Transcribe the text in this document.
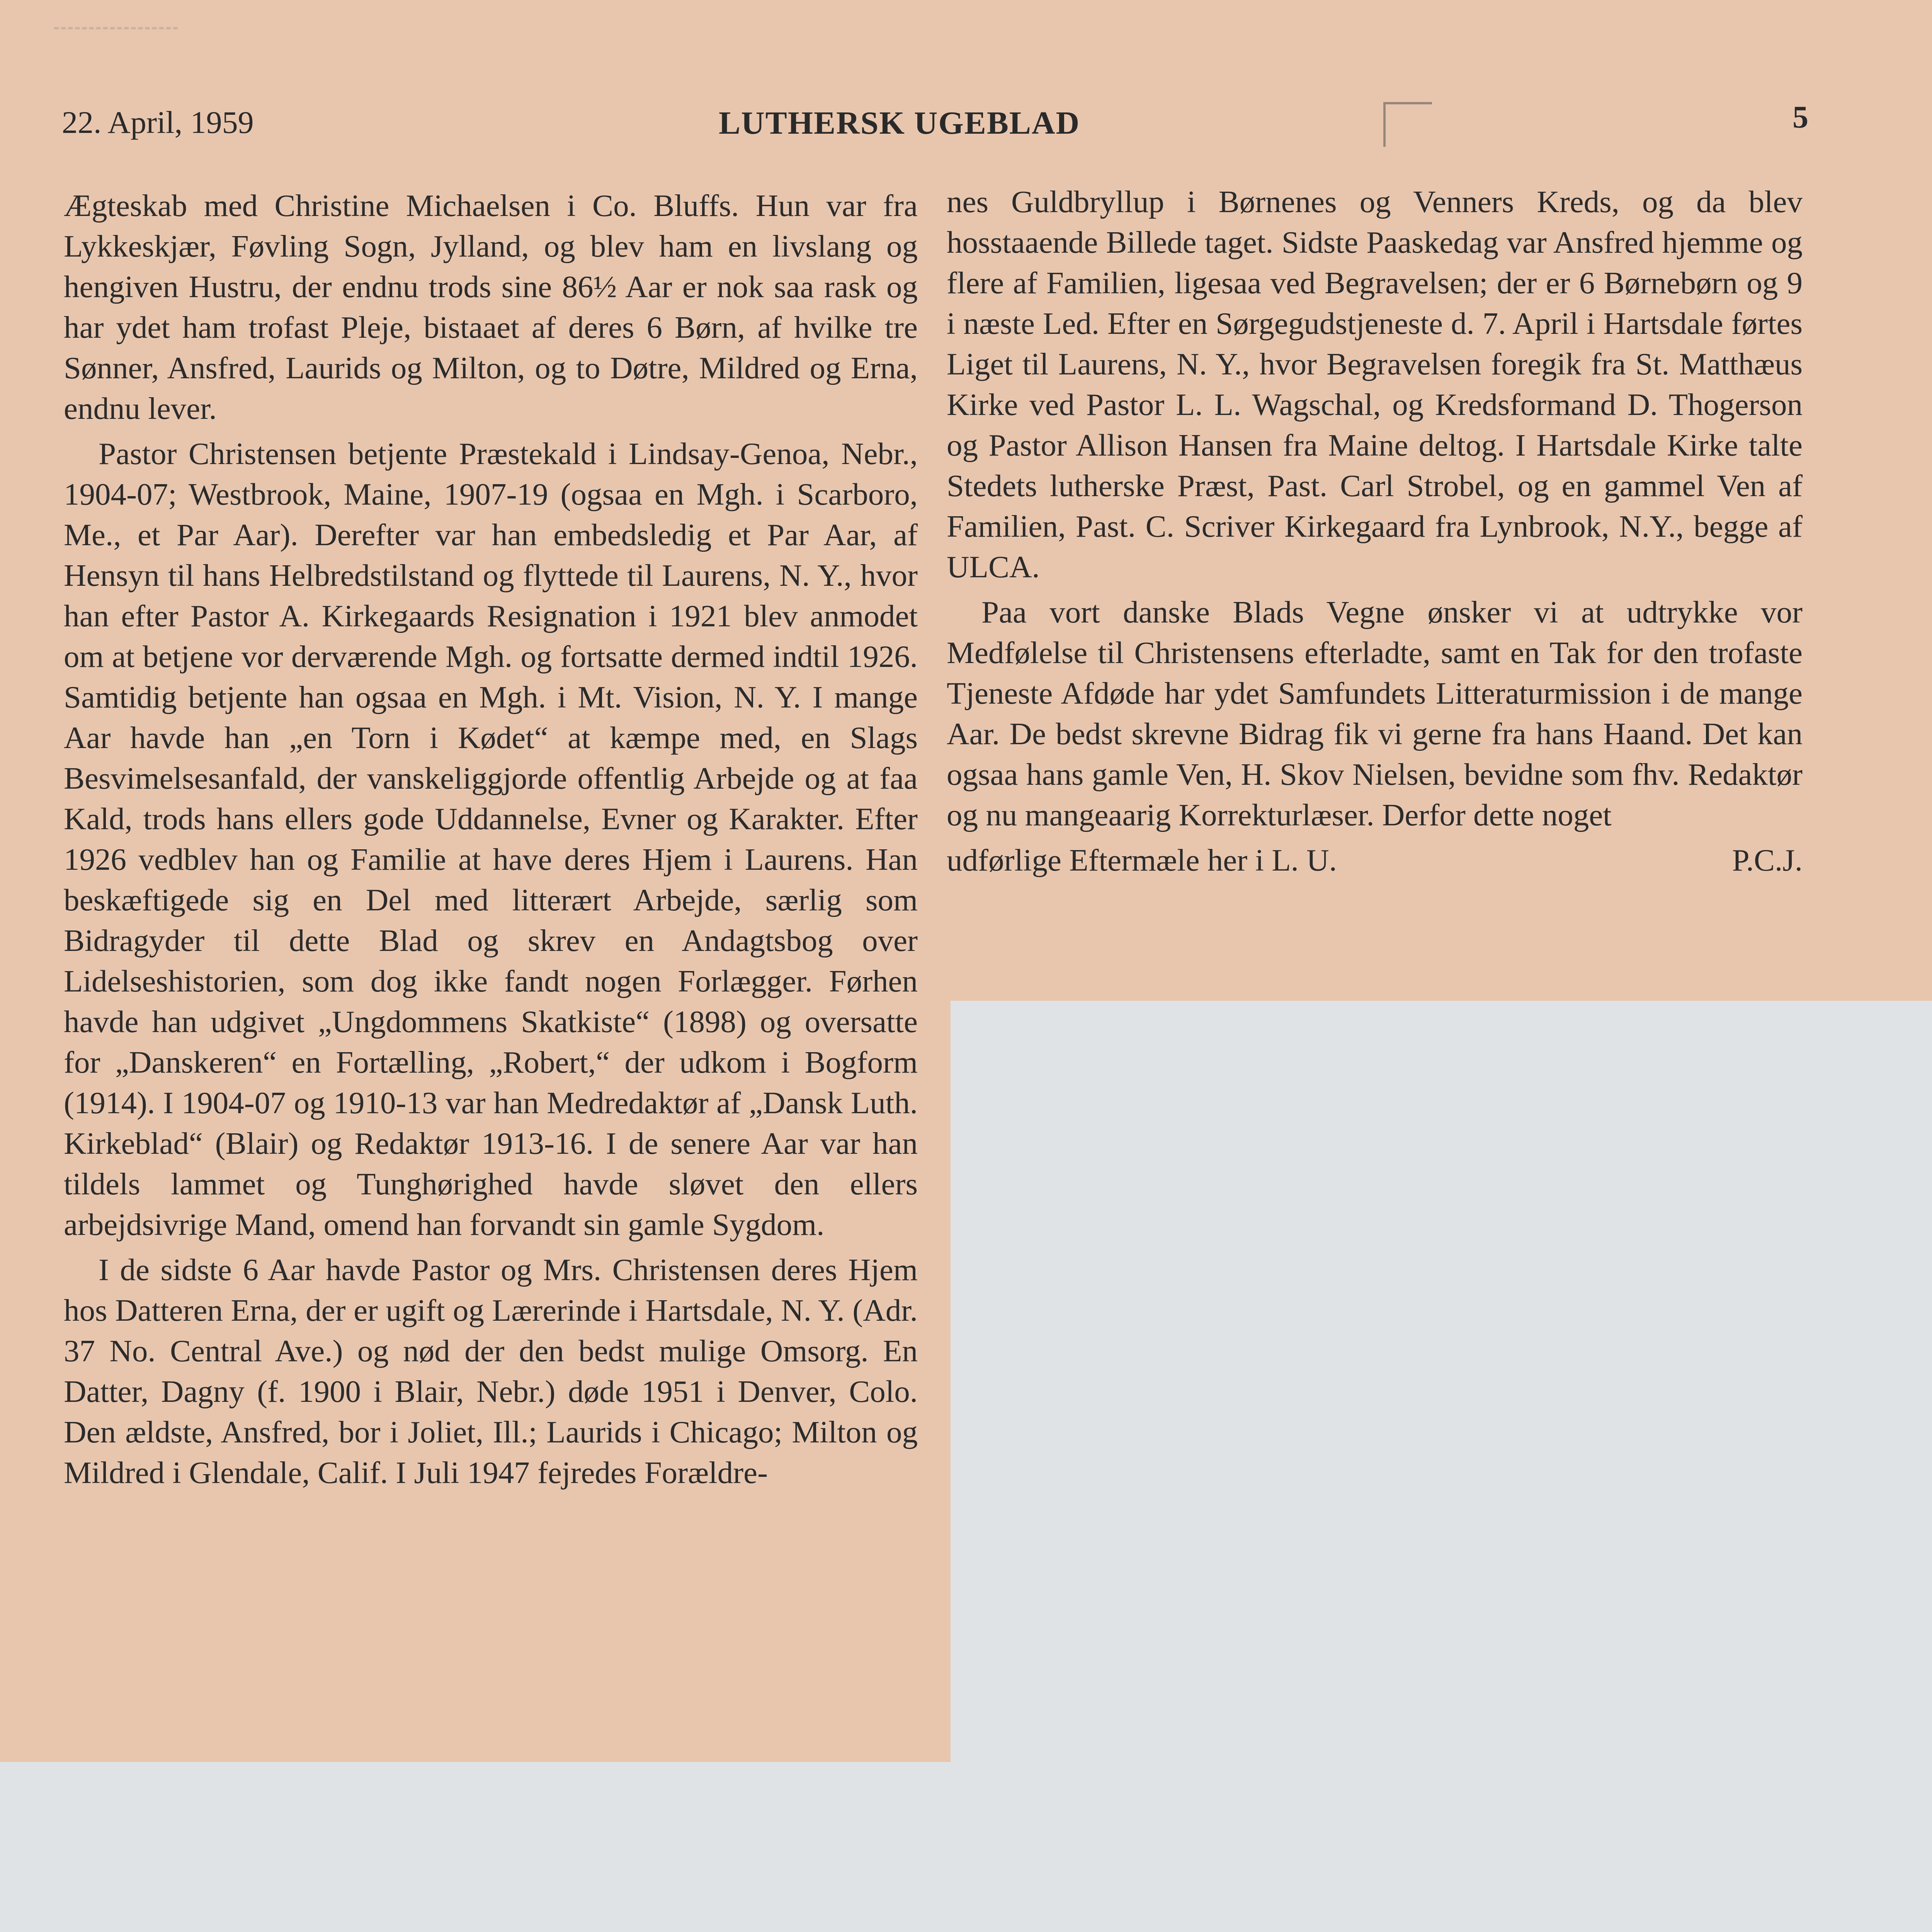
22. April, 1959	LUTHERSK UGEBLAD	5

Ægteskab med Christine Michaelsen i Co. Bluffs. Hun var fra Lykkeskjær, Føvling Sogn, Jylland, og blev ham en livslang og hengiven Hustru, der endnu trods sine 86½ Aar er nok saa rask og har ydet ham trofast Pleje, bistaaet af deres 6 Børn, af hvilke tre Sønner, Ansfred, Laurids og Milton, og to Døtre, Mildred og Erna, endnu lever.

Pastor Christensen betjente Præstekald i Lindsay-Genoa, Nebr., 1904-07; Westbrook, Maine, 1907-19 (ogsaa en Mgh. i Scarboro, Me., et Par Aar). Derefter var han embedsledig et Par Aar, af Hensyn til hans Helbredstilstand og flyttede til Laurens, N. Y., hvor han efter Pastor A. Kirkegaards Resignation i 1921 blev anmodet om at betjene vor derværende Mgh. og fortsatte dermed indtil 1926. Samtidig betjente han ogsaa en Mgh. i Mt. Vision, N. Y. I mange Aar havde han „en Torn i Kødet“ at kæmpe med, en Slags Besvimelsesanfald, der vanskeliggjorde offentlig Arbejde og at faa Kald, trods hans ellers gode Uddannelse, Evner og Karakter. Efter 1926 vedblev han og Familie at have deres Hjem i Laurens. Han beskæftigede sig en Del med litterært Arbejde, særlig som Bidragyder til dette Blad og skrev en Andagtsbog over Lidelseshistorien, som dog ikke fandt nogen Forlægger. Førhen havde han udgivet „Ungdommens Skatkiste“ (1898) og oversatte for „Danskeren“ en Fortælling, „Robert,“ der udkom i Bogform (1914). I 1904-07 og 1910-13 var han Medredaktør af „Dansk Luth. Kirkeblad“ (Blair) og Redaktør 1913-16. I de senere Aar var han tildels lammet og Tunghørighed havde sløvet den ellers arbejdsivrige Mand, omend han forvandt sin gamle Sygdom.

I de sidste 6 Aar havde Pastor og Mrs. Christensen deres Hjem hos Datteren Erna, der er ugift og Lærerinde i Hartsdale, N. Y. (Adr. 37 No. Central Ave.) og nød der den bedst mulige Omsorg. En Datter, Dagny (f. 1900 i Blair, Nebr.) døde 1951 i Denver, Colo. Den ældste, Ansfred, bor i Joliet, Ill.; Laurids i Chicago; Milton og Mildred i Glendale, Calif. I Juli 1947 fejredes Forældre-

nes Guldbryllup i Børnenes og Venners Kreds, og da blev hosstaaende Billede taget. Sidste Paaskedag var Ansfred hjemme og flere af Familien, ligesaa ved Begravelsen; der er 6 Børnebørn og 9 i næste Led. Efter en Sørgegudstjeneste d. 7. April i Hartsdale førtes Liget til Laurens, N. Y., hvor Begravelsen foregik fra St. Matthæus Kirke ved Pastor L. L. Wagschal, og Kredsformand D. Thogerson og Pastor Allison Hansen fra Maine deltog. I Hartsdale Kirke talte Stedets lutherske Præst, Past. Carl Strobel, og en gammel Ven af Familien, Past. C. Scriver Kirkegaard fra Lynbrook, N.Y., begge af ULCA.

Paa vort danske Blads Vegne ønsker vi at udtrykke vor Medfølelse til Christensens efterladte, samt en Tak for den trofaste Tjeneste Afdøde har ydet Samfundets Litteraturmission i de mange Aar. De bedst skrevne Bidrag fik vi gerne fra hans Haand. Det kan ogsaa hans gamle Ven, H. Skov Nielsen, bevidne som fhv. Redaktør og nu mangeaarig Korrekturlæser. Derfor dette noget

udførlige Eftermæle her i L. U.	P.C.J.
